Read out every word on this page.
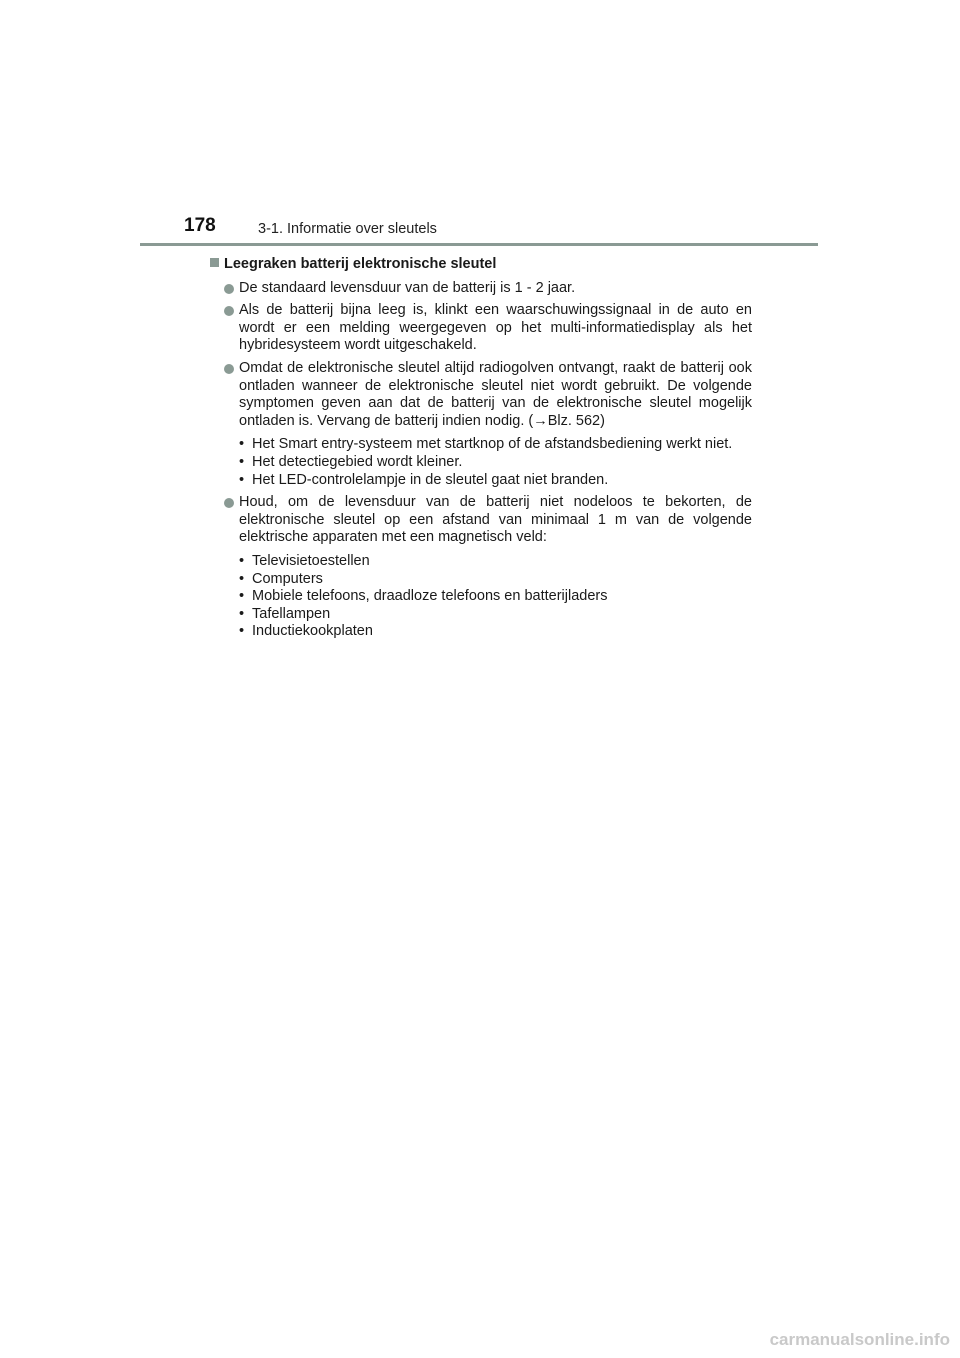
178	3-1. Informatie over sleutels
Leegraken batterij elektronische sleutel
De standaard levensduur van de batterij is 1 - 2 jaar.
Als de batterij bijna leeg is, klinkt een waarschuwingssignaal in de auto en wordt er een melding weergegeven op het multi-informatiedisplay als het hybridesysteem wordt uitgeschakeld.
Omdat de elektronische sleutel altijd radiogolven ontvangt, raakt de batterij ook ontladen wanneer de elektronische sleutel niet wordt gebruikt. De volgende symptomen geven aan dat de batterij van de elektronische sleutel mogelijk ontladen is. Vervang de batterij indien nodig. (→Blz. 562)
• Het Smart entry-systeem met startknop of de afstandsbediening werkt niet.
• Het detectiegebied wordt kleiner.
• Het LED-controlelampje in de sleutel gaat niet branden.
Houd, om de levensduur van de batterij niet nodeloos te bekorten, de elektronische sleutel op een afstand van minimaal 1 m van de volgende elektrische apparaten met een magnetisch veld:
• Televisietoestellen
• Computers
• Mobiele telefoons, draadloze telefoons en batterijladers
• Tafellampen
• Inductiekookplaten
carmanualsonline.info
